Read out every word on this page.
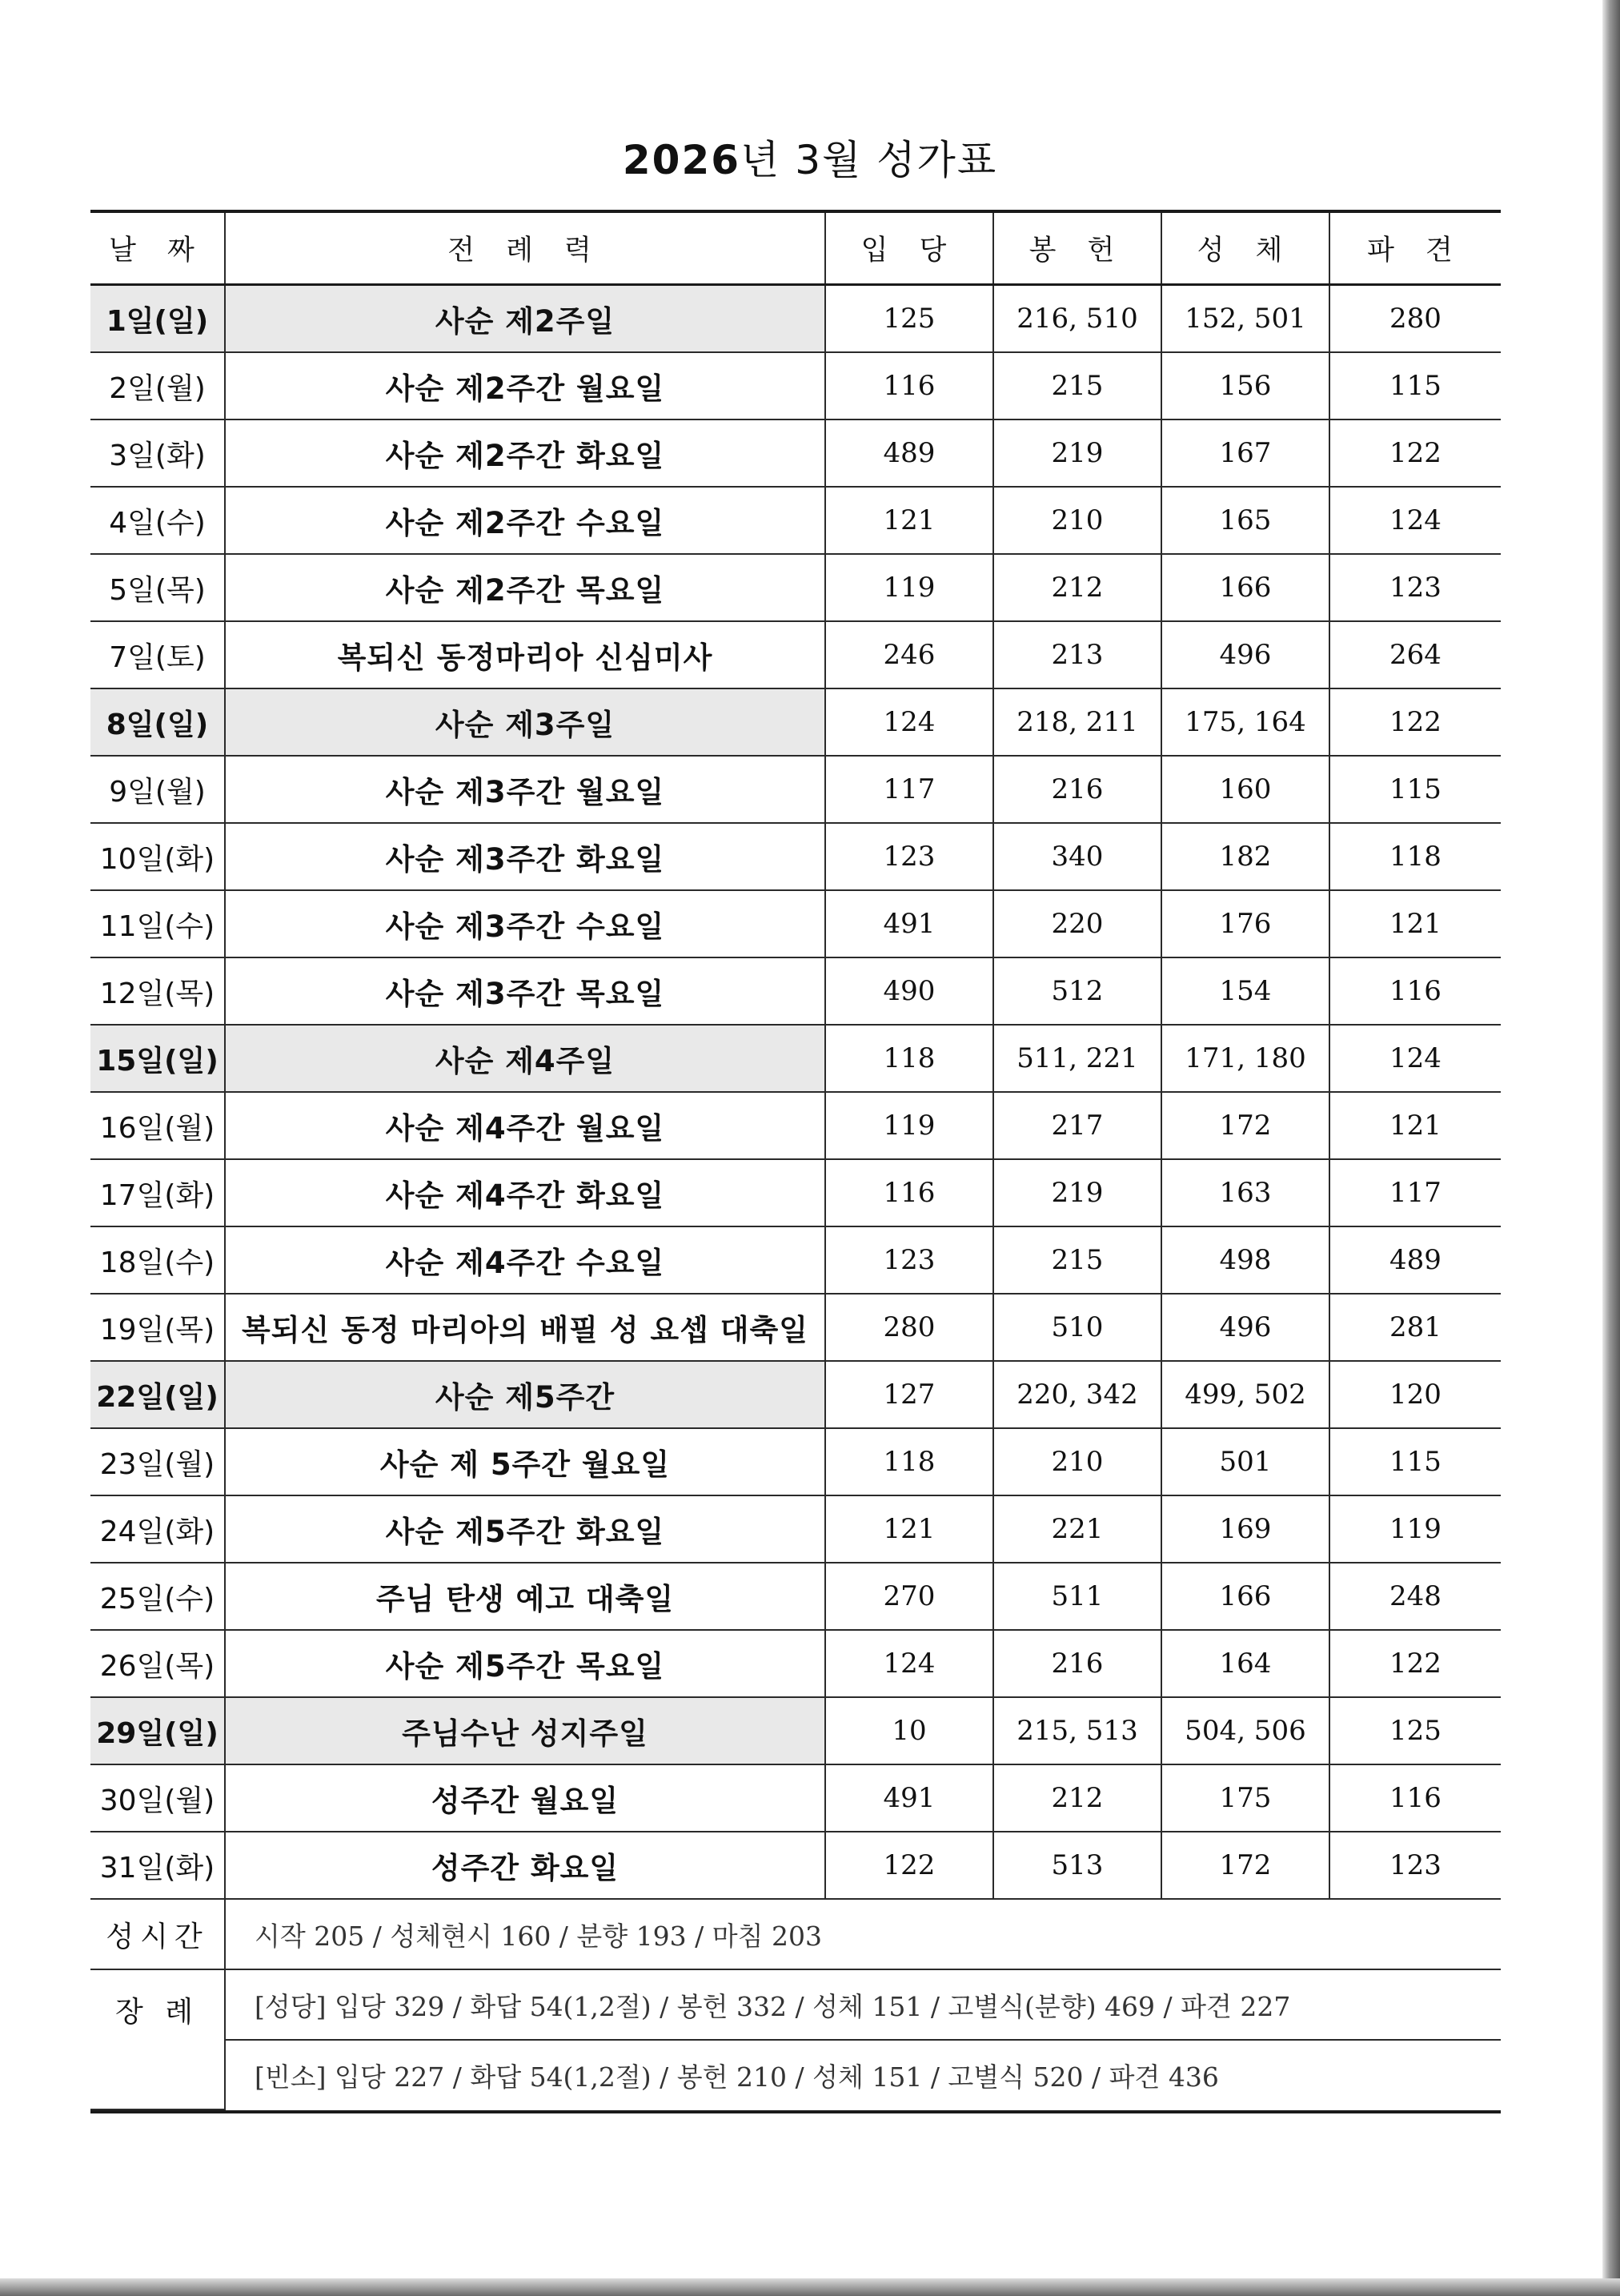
2026년 3월 성가표
날 짜	전 례 력	입 당	봉 헌	성 체	파 견
1일(일)	사순 제2주일	125	216, 510	152, 501	280
2일(월)	사순 제2주간 월요일	116	215	156	115
3일(화)	사순 제2주간 화요일	489	219	167	122
4일(수)	사순 제2주간 수요일	121	210	165	124
5일(목)	사순 제2주간 목요일	119	212	166	123
7일(토)	복되신 동정마리아 신심미사	246	213	496	264
8일(일)	사순 제3주일	124	218, 211	175, 164	122
9일(월)	사순 제3주간 월요일	117	216	160	115
10일(화)	사순 제3주간 화요일	123	340	182	118
11일(수)	사순 제3주간 수요일	491	220	176	121
12일(목)	사순 제3주간 목요일	490	512	154	116
15일(일)	사순 제4주일	118	511, 221	171, 180	124
16일(월)	사순 제4주간 월요일	119	217	172	121
17일(화)	사순 제4주간 화요일	116	219	163	117
18일(수)	사순 제4주간 수요일	123	215	498	489
19일(목)	복되신 동정 마리아의 배필 성 요셉 대축일	280	510	496	281
22일(일)	사순 제5주간	127	220, 342	499, 502	120
23일(월)	사순 제 5주간 월요일	118	210	501	115
24일(화)	사순 제5주간 화요일	121	221	169	119
25일(수)	주님 탄생 예고 대축일	270	511	166	248
26일(목)	사순 제5주간 목요일	124	216	164	122
29일(일)	주님수난 성지주일	10	215, 513	504, 506	125
30일(월)	성주간 월요일	491	212	175	116
31일(화)	성주간 화요일	122	513	172	123
성시간	시작 205 / 성체현시 160 / 분향 193 / 마침 203				
장 례	[성당] 입당 329 / 화답 54(1,2절) / 봉헌 332 / 성체 151 / 고별식(분향) 469 / 파견 227				
	[빈소] 입당 227 / 화답 54(1,2절) / 봉헌 210 / 성체 151 / 고별식 520 / 파견 436				
